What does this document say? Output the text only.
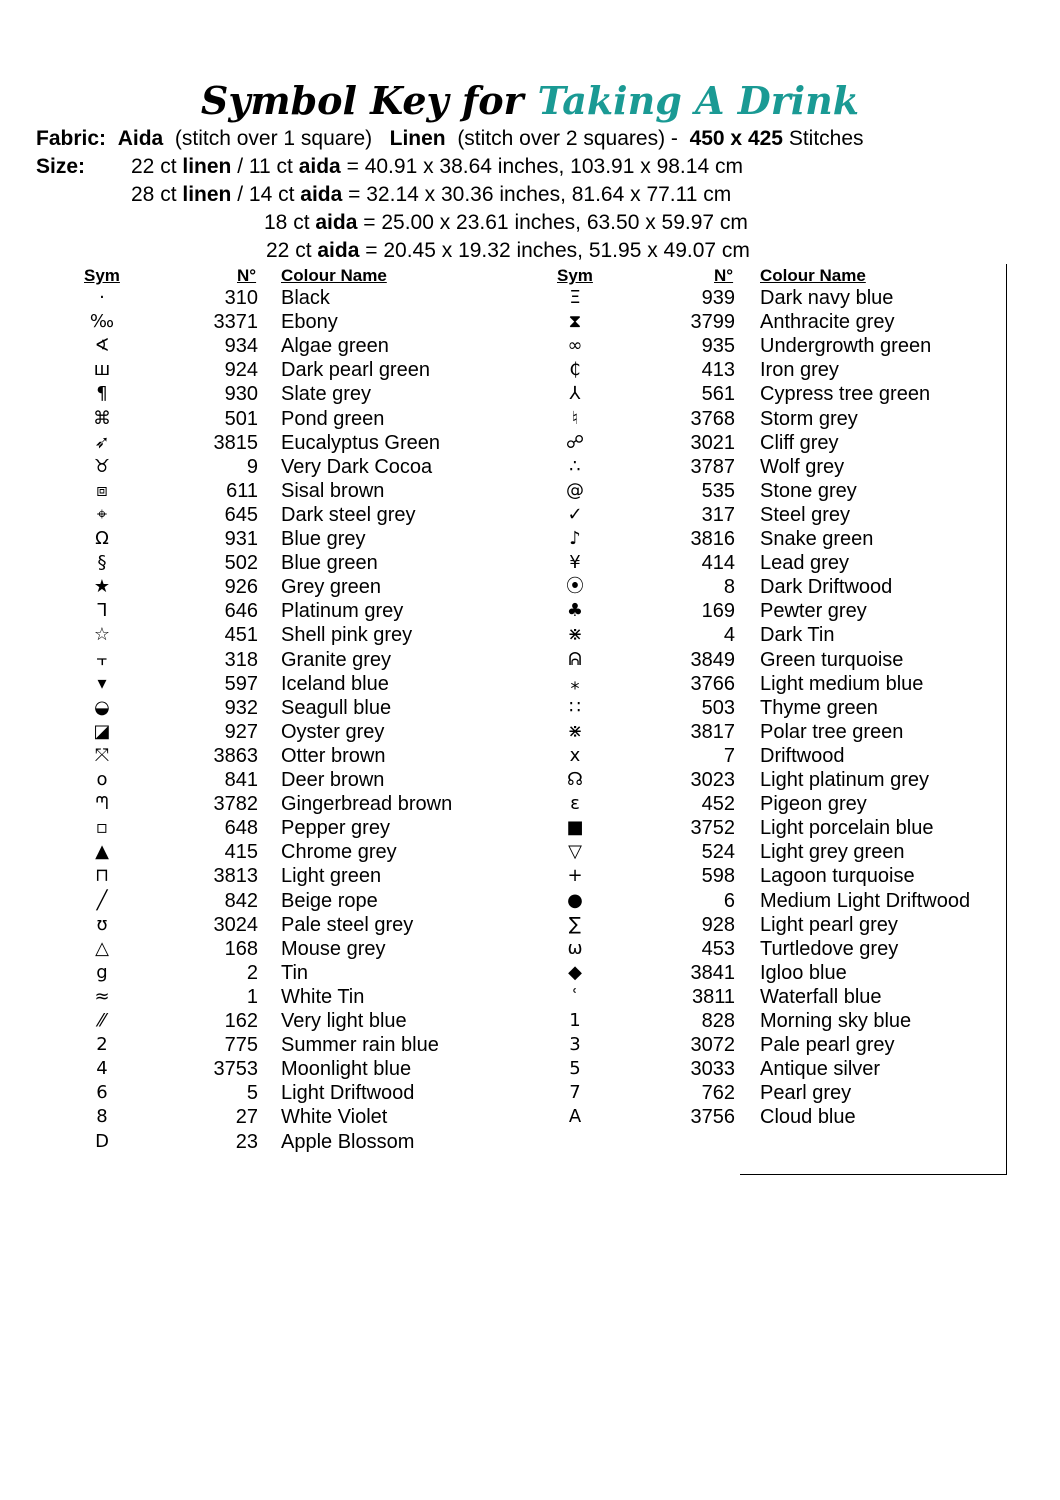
Symbol Key for Taking A Drink
Fabric: Aida (stitch over 1 square) Linen (stitch over 2 squares) - 450 x 425 Stitches
Size: 22 ct linen / 11 ct aida = 40.91 x 38.64 inches, 103.91 x 98.14 cm
28 ct linen / 14 ct aida = 32.14 x 30.36 inches, 81.64 x 77.11 cm
18 ct aida = 25.00 x 23.61 inches, 63.50 x 59.97 cm
22 ct aida = 20.45 x 19.32 inches, 51.95 x 49.07 cm
Sym	N° Colour Name	Sym	N° Colour Name
·	310 Black
‰	3371 Ebony
∢	934 Algae green
ш	924 Dark pearl green
¶	930 Slate grey
⌘	501 Pond green
➶	3815 Eucalyptus Green
♉	9 Very Dark Cocoa
⧈	611 Sisal brown
⌖	645 Dark steel grey
Ω	931 Blue grey
§	502 Blue green
★	926 Grey green
ᒣ	646 Platinum grey
☆	451 Shell pink grey
⫟	318 Granite grey
▾	597 Iceland blue
◒	932 Seagull blue
◪	927 Oyster grey
⤧	3863 Otter brown
o	841 Deer brown
ᘉ	3782 Gingerbread brown
▫	648 Pepper grey
▲	415 Chrome grey
⊓	3813 Light green
╱	842 Beige rope
ʊ	3024 Pale steel grey
△	168 Mouse grey
g	2 Tin
≈	1 White Tin
⁄⁄	162 Very light blue
2	775 Summer rain blue
4	3753 Moonlight blue
6	5 Light Driftwood
8	27 White Violet
D	23 Apple Blossom
Ξ	939 Dark navy blue
⧗	3799 Anthracite grey
∞	935 Undergrowth green
₵	413 Iron grey
⅄	561 Cypress tree green
♮	3768 Storm grey
☍	3021 Cliff grey
∴	3787 Wolf grey
@	535 Stone grey
✓	317 Steel grey
♪	3816 Snake green
¥	414 Lead grey
⦿	8 Dark Driftwood
♣	169 Pewter grey
⋇	4 Dark Tin
ᕱ	3849 Green turquoise
⁎	3766 Light medium blue
∷	503 Thyme green
⋇	3817 Polar tree green
x	7 Driftwood
☊	3023 Light platinum grey
ε	452 Pigeon grey
■	3752 Light porcelain blue
▽	524 Light grey green
+	598 Lagoon turquoise
●	6 Medium Light Driftwood
∑	928 Light pearl grey
ω	453 Turtledove grey
◆	3841 Igloo blue
ʿ	3811 Waterfall blue
1	828 Morning sky blue
3	3072 Pale pearl grey
5	3033 Antique silver
7	762 Pearl grey
A	3756 Cloud blue
